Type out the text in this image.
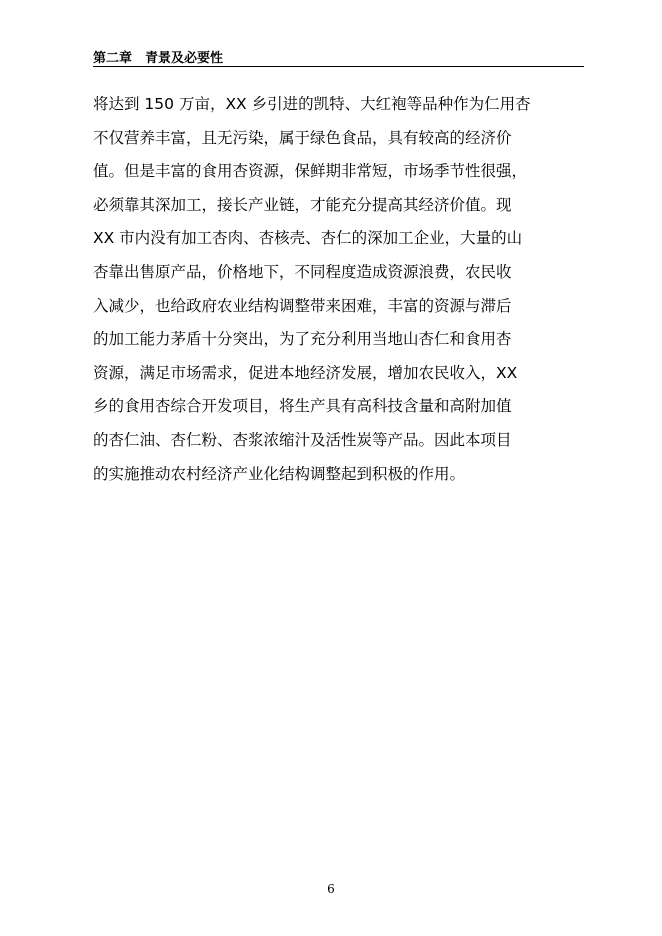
第二章　青景及必要性
将达到 150 万亩，XX 乡引进的凯特、大红袍等品种作为仁用杏
不仅营养丰富，且无污染，属于绿色食品，具有较高的经济价
值。但是丰富的食用杏资源，保鲜期非常短，市场季节性很强，
必须靠其深加工，接长产业链，才能充分提高其经济价值。现
XX 市内没有加工杏肉、杏核壳、杏仁的深加工企业，大量的山
杏靠出售原产品，价格地下，不同程度造成资源浪费，农民收
入减少，也给政府农业结构调整带来困难，丰富的资源与滞后
的加工能力茅盾十分突出，为了充分利用当地山杏仁和食用杏
资源，满足市场需求，促进本地经济发展，增加农民收入，XX
乡的食用杏综合开发项目，将生产具有高科技含量和高附加值
的杏仁油、杏仁粉、杏浆浓缩汁及活性炭等产品。因此本项目
的实施推动农村经济产业化结构调整起到积极的作用。
6
